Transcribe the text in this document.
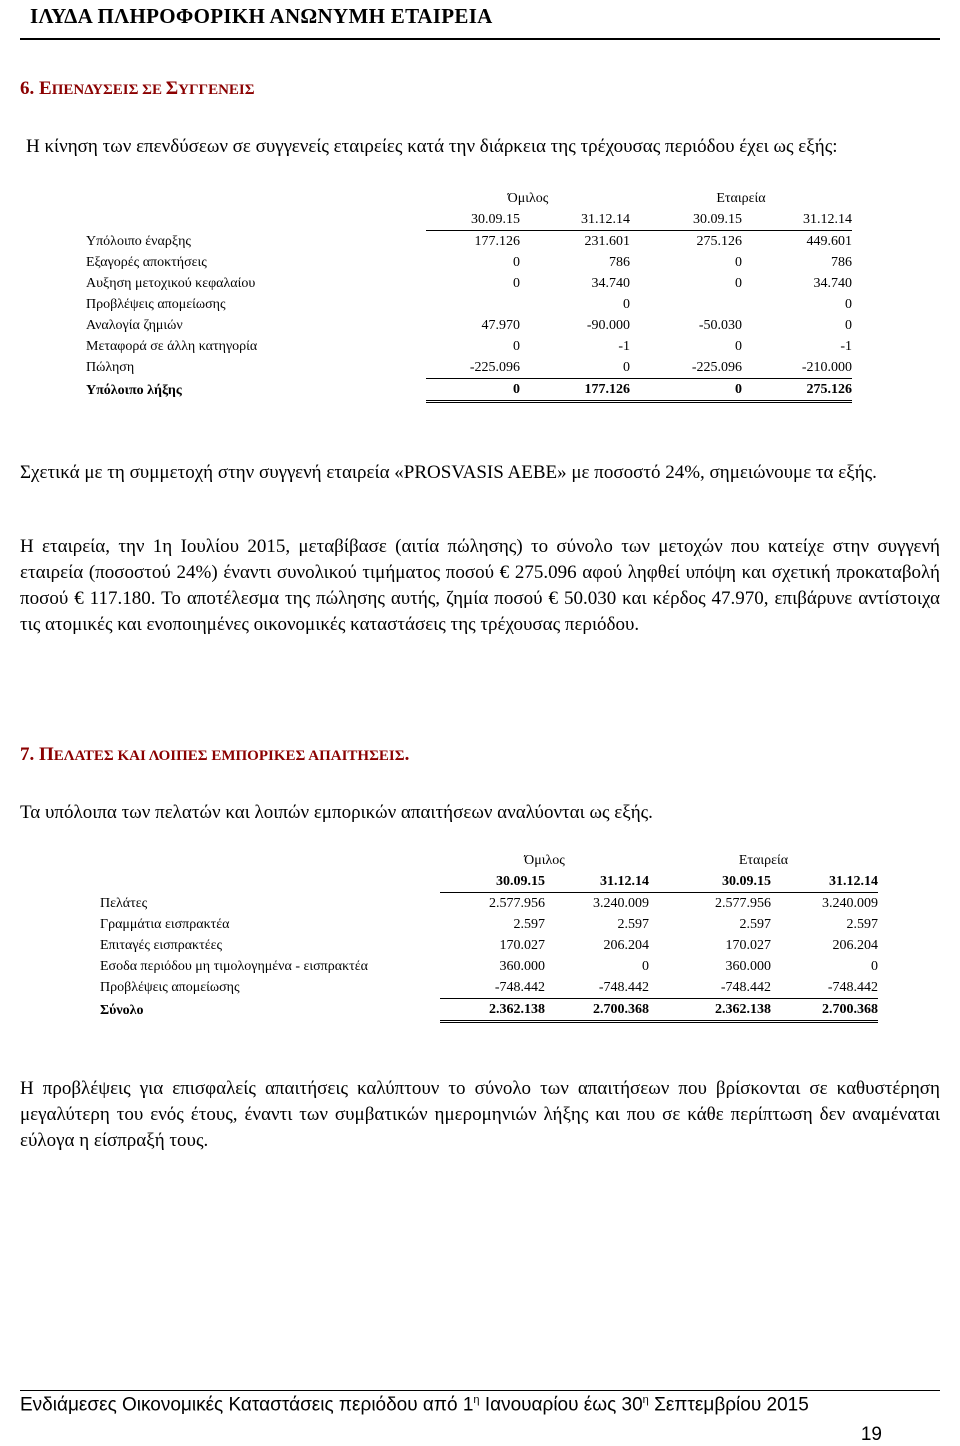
ΙΛΥΔΑ ΠΛΗΡΟΦΟΡΙΚΗ ΑΝΩΝΥΜΗ ΕΤΑΙΡΕΙΑ
6. ΕΠΕΝΔΥΣΕΙΣ ΣΕ ΣΥΓΓΕΝΕΙΣ
Η κίνηση των επενδύσεων σε συγγενείς εταιρείες κατά την διάρκεια της τρέχουσας περιόδου έχει ως εξής:
	Όμιλος		Εταιρεία	
	30.09.15	31.12.14	30.09.15	31.12.14
Υπόλοιπο έναρξης	177.126	231.601	275.126	449.601
Εξαγορές αποκτήσεις	0	786	0	786
Αυξηση μετοχικού κεφαλαίου	0	34.740	0	34.740
Προβλέψεις απομείωσης		0		0
Αναλογία ζημιών	47.970	-90.000	-50.030	0
Μεταφορά σε άλλη κατηγορία	0	-1	0	-1
Πώληση	-225.096	0	-225.096	-210.000
Υπόλοιπο λήξης	0	177.126	0	275.126
Σχετικά με τη συμμετοχή στην συγγενή εταιρεία «PROSVASIS AEBE» με ποσοστό 24%, σημειώνουμε τα εξής.
Η εταιρεία, την 1η Ιουλίου 2015, μεταβίβασε (αιτία πώλησης) το σύνολο των μετοχών που κατείχε στην συγγενή εταιρεία (ποσοστού 24%) έναντι συνολικού τιμήματος ποσού € 275.096 αφού ληφθεί υπόψη και σχετική προκαταβολή ποσού € 117.180. Το αποτέλεσμα της πώλησης αυτής, ζημία ποσού € 50.030 και κέρδος 47.970, επιβάρυνε αντίστοιχα τις ατομικές και ενοποιημένες οικονομικές καταστάσεις της τρέχουσας περιόδου.
7. ΠΕΛΑΤΕΣ ΚΑΙ ΛΟΙΠΕΣ ΕΜΠΟΡΙΚΕΣ ΑΠΑΙΤΗΣΕΙΣ.
Τα υπόλοιπα των πελατών και λοιπών εμπορικών απαιτήσεων αναλύονται ως εξής.
	Όμιλος		Εταιρεία	
	30.09.15	31.12.14	30.09.15	31.12.14
Πελάτες	2.577.956	3.240.009	2.577.956	3.240.009
Γραμμάτια εισπρακτέα	2.597	2.597	2.597	2.597
Επιταγές εισπρακτέες	170.027	206.204	170.027	206.204
Εσοδα περιόδου μη τιμολογημένα - εισπρακτέα	360.000	0	360.000	0
Προβλέψεις απομείωσης	-748.442	-748.442	-748.442	-748.442
Σύνολο	2.362.138	2.700.368	2.362.138	2.700.368
Η προβλέψεις για επισφαλείς απαιτήσεις καλύπτουν το σύνολο των απαιτήσεων που βρίσκονται σε καθυστέρηση μεγαλύτερη του ενός έτους, έναντι των συμβατικών ημερομηνιών λήξης και που σε κάθε περίπτωση δεν αναμέναται εύλογα η είσπραξή τους.
Ενδιάμεσες Οικονομικές Καταστάσεις περιόδου από $1^\eta$ Ιανουαρίου έως $30^\eta$ Σεπτεμβρίου 2015
19
